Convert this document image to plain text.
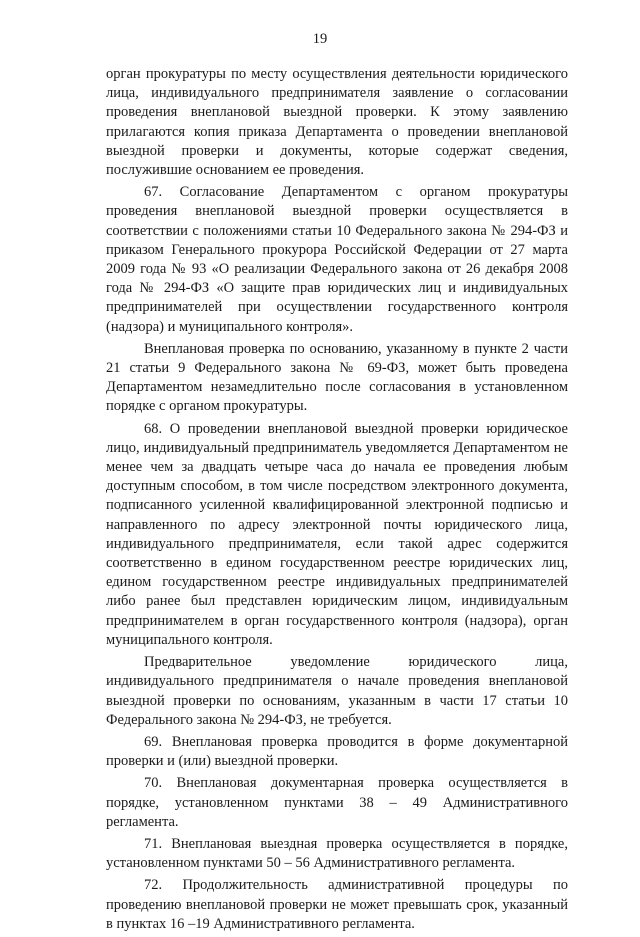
19

орган прокуратуры по месту осуществления деятельности юридического лица, индивидуального предпринимателя заявление о согласовании проведения внеплановой выездной проверки. К этому заявлению прилагаются копия приказа Департамента о проведении внеплановой выездной проверки и документы, которые содержат сведения, послужившие основанием ее проведения.

67. Согласование Департаментом с органом прокуратуры проведения внеплановой выездной проверки осуществляется в соответствии с положениями статьи 10 Федерального закона № 294-ФЗ и приказом Генерального прокурора Российской Федерации от 27 марта 2009 года № 93 «О реализации Федерального закона от 26 декабря 2008 года № 294-ФЗ «О защите прав юридических лиц и индивидуальных предпринимателей при осуществлении государственного контроля (надзора) и муниципального контроля».

Внеплановая проверка по основанию, указанному в пункте 2 части 21 статьи 9 Федерального закона № 69-ФЗ, может быть проведена Департаментом незамедлительно после согласования в установленном порядке с органом прокуратуры.

68. О проведении внеплановой выездной проверки юридическое лицо, индивидуальный предприниматель уведомляется Департаментом не менее чем за двадцать четыре часа до начала ее проведения любым доступным способом, в том числе посредством электронного документа, подписанного усиленной квалифицированной электронной подписью и направленного по адресу электронной почты юридического лица, индивидуального предпринимателя, если такой адрес содержится соответственно в едином государственном реестре юридических лиц, едином государственном реестре индивидуальных предпринимателей либо ранее был представлен юридическим лицом, индивидуальным предпринимателем в орган государственного контроля (надзора), орган муниципального контроля.

Предварительное уведомление юридического лица, индивидуального предпринимателя о начале проведения внеплановой выездной проверки по основаниям, указанным в части 17 статьи 10 Федерального закона № 294-ФЗ, не требуется.

69. Внеплановая проверка проводится в форме документарной проверки и (или) выездной проверки.

70. Внеплановая документарная проверка осуществляется в порядке, установленном пунктами 38 – 49 Административного регламента.

71. Внеплановая выездная проверка осуществляется в порядке, установленном пунктами 50 – 56 Административного регламента.

72. Продолжительность административной процедуры по проведению внеплановой проверки не может превышать срок, указанный в пунктах 16 –19 Административного регламента.
